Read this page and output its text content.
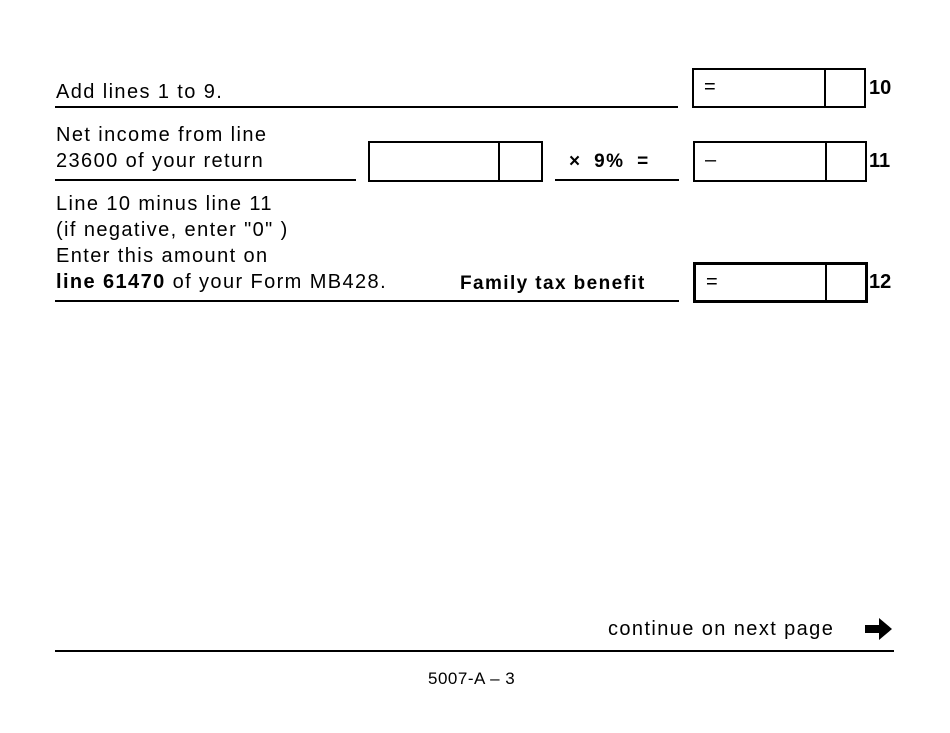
Add lines 1 to 9.	=	10
Net income from line
23600 of your return	× 9% =	–	11
Line 10 minus line 11
(if negative, enter "0" )
Enter this amount on
line 61470 of your Form MB428.	Family tax benefit	=	12
continue on next page
5007-A – 3
